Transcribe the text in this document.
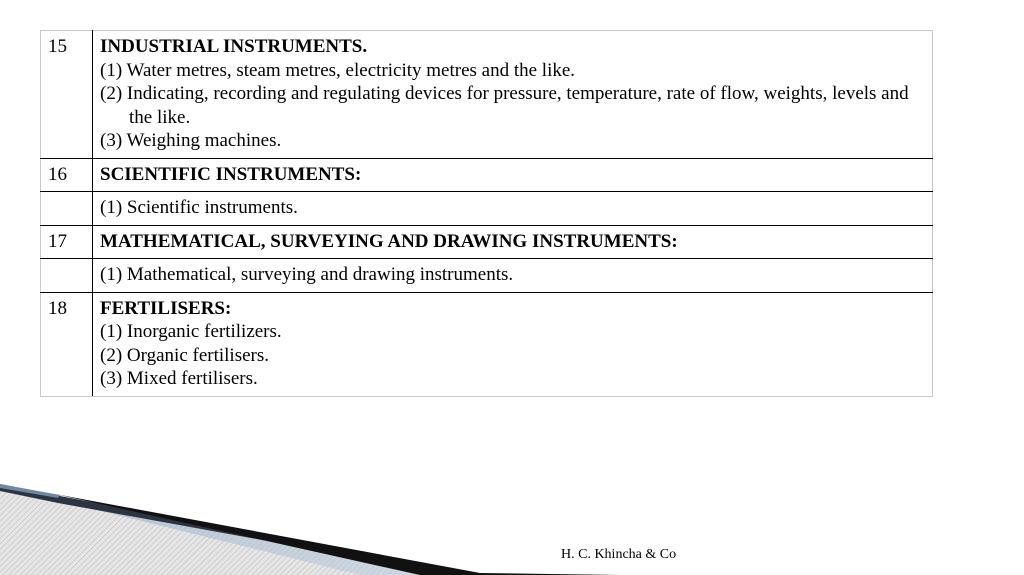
15	INDUSTRIAL INSTRUMENTS.
(1) Water metres, steam metres, electricity metres and the like.
(2) Indicating, recording and regulating devices for pressure, temperature, rate of flow, weights, levels and the like.
(3) Weighing machines.

16	SCIENTIFIC INSTRUMENTS:

	(1) Scientific instruments.

17	MATHEMATICAL, SURVEYING AND DRAWING INSTRUMENTS:

	(1) Mathematical, surveying and drawing instruments.

18	FERTILISERS:
(1) Inorganic fertilizers.
(2) Organic fertilisers.
(3) Mixed fertilisers.
H. C. Khincha & Co
